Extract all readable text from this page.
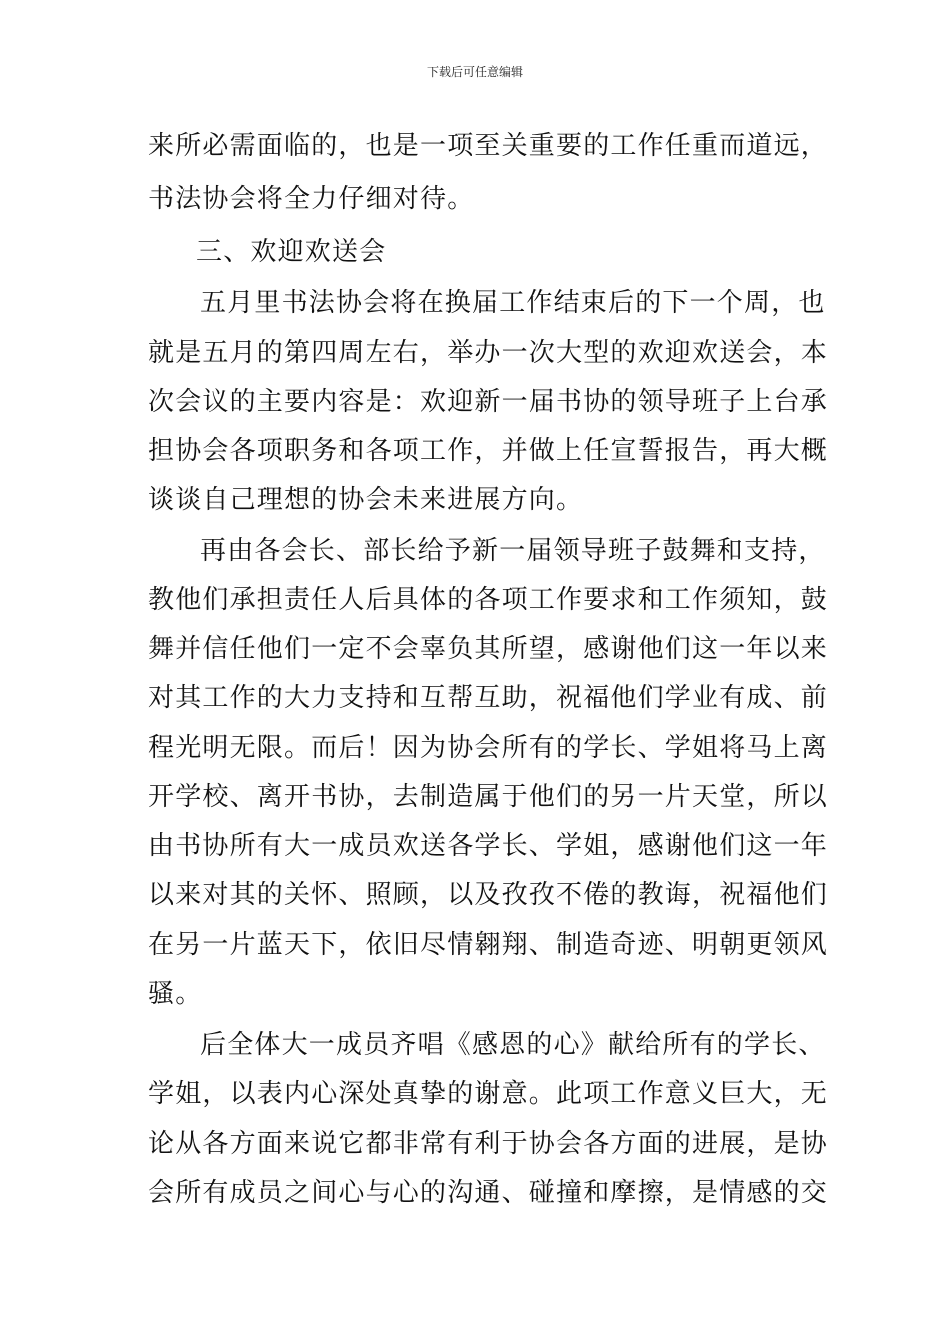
下载后可任意编辑
来所必需面临的，也是一项至关重要的工作任重而道远，
书法协会将全力仔细对待。
三、欢迎欢送会
五月里书法协会将在换届工作结束后的下一个周，也
就是五月的第四周左右，举办一次大型的欢迎欢送会，本
次会议的主要内容是：欢迎新一届书协的领导班子上台承
担协会各项职务和各项工作，并做上任宣誓报告，再大概
谈谈自己理想的协会未来进展方向。
再由各会长、部长给予新一届领导班子鼓舞和支持，
教他们承担责任人后具体的各项工作要求和工作须知，鼓
舞并信任他们一定不会辜负其所望，感谢他们这一年以来
对其工作的大力支持和互帮互助，祝福他们学业有成、前
程光明无限。而后！因为协会所有的学长、学姐将马上离
开学校、离开书协，去制造属于他们的另一片天堂，所以
由书协所有大一成员欢送各学长、学姐，感谢他们这一年
以来对其的关怀、照顾，以及孜孜不倦的教诲，祝福他们
在另一片蓝天下，依旧尽情翱翔、制造奇迹、明朝更领风
骚。
后全体大一成员齐唱《感恩的心》献给所有的学长、
学姐，以表内心深处真挚的谢意。此项工作意义巨大，无
论从各方面来说它都非常有利于协会各方面的进展，是协
会所有成员之间心与心的沟通、碰撞和摩擦，是情感的交
